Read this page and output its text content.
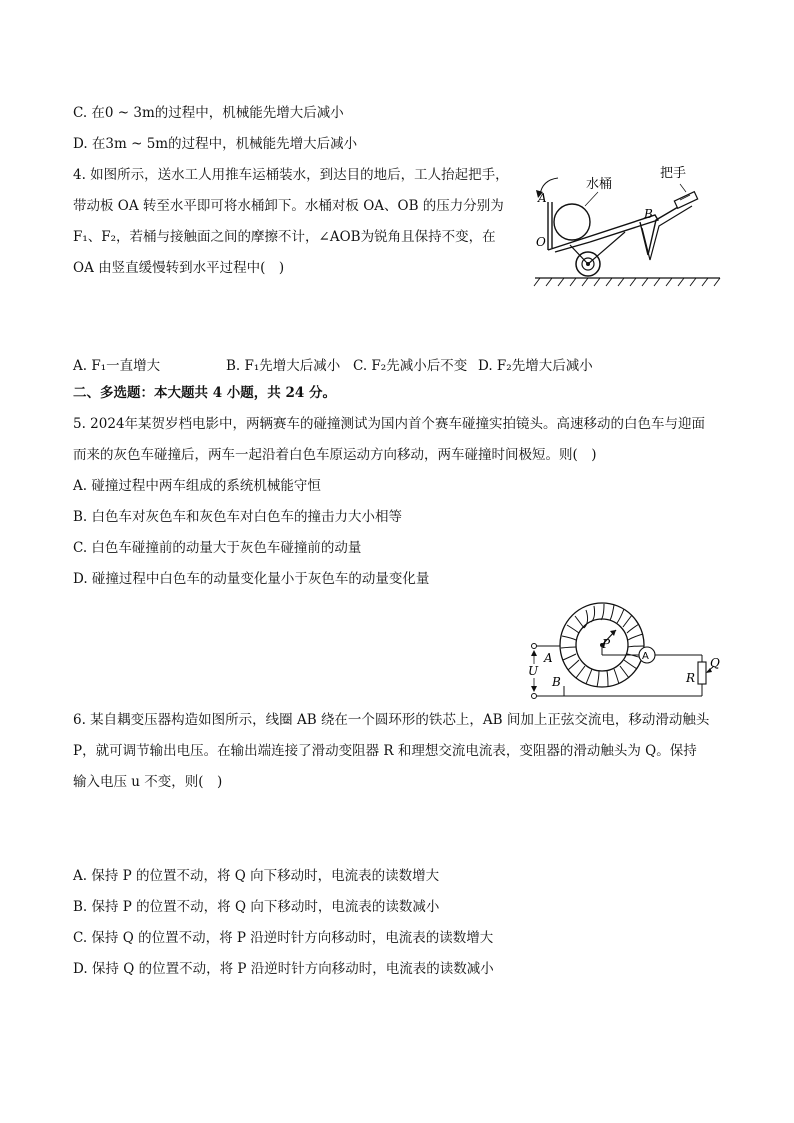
C. 在0 ~ 3m的过程中，机械能先增大后减小
D. 在3m ~ 5m的过程中，机械能先增大后减小
4. 如图所示，送水工人用推车运桶装水，到达目的地后，工人抬起把手，
带动板 OA 转至水平即可将水桶卸下。水桶对板 OA、OB 的压力分别为
F₁、F₂，若桶与接触面之间的摩擦不计，∠AOB为锐角且保持不变，在
OA 由竖直缓慢转到水平过程中(　)
水桶
把手
A
B
O
A. F₁一直增大	B. F₁先增大后减小 C. F₂先减小后不变 D. F₂先增大后减小
二、多选题：本大题共 4 小题，共 24 分。
5. 2024年某贺岁档电影中，两辆赛车的碰撞测试为国内首个赛车碰撞实拍镜头。高速移动的白色车与迎面
而来的灰色车碰撞后，两车一起沿着白色车原运动方向移动，两车碰撞时间极短。则(　)
A. 碰撞过程中两车组成的系统机械能守恒
B. 白色车对灰色车和灰色车对白色车的撞击力大小相等
C. 白色车碰撞前的动量大于灰色车碰撞前的动量
D. 碰撞过程中白色车的动量变化量小于灰色车的动量变化量
P
A	Q
R
U
A
B
6. 某自耦变压器构造如图所示，线圈 AB 绕在一个圆环形的铁芯上，AB 间加上正弦交流电，移动滑动触头
P，就可调节输出电压。在输出端连接了滑动变阻器 R 和理想交流电流表，变阻器的滑动触头为 Q。保持
输入电压 u 不变，则(　)
A. 保持 P 的位置不动，将 Q 向下移动时，电流表的读数增大
B. 保持 P 的位置不动，将 Q 向下移动时，电流表的读数减小
C. 保持 Q 的位置不动，将 P 沿逆时针方向移动时，电流表的读数增大
D. 保持 Q 的位置不动，将 P 沿逆时针方向移动时，电流表的读数减小
